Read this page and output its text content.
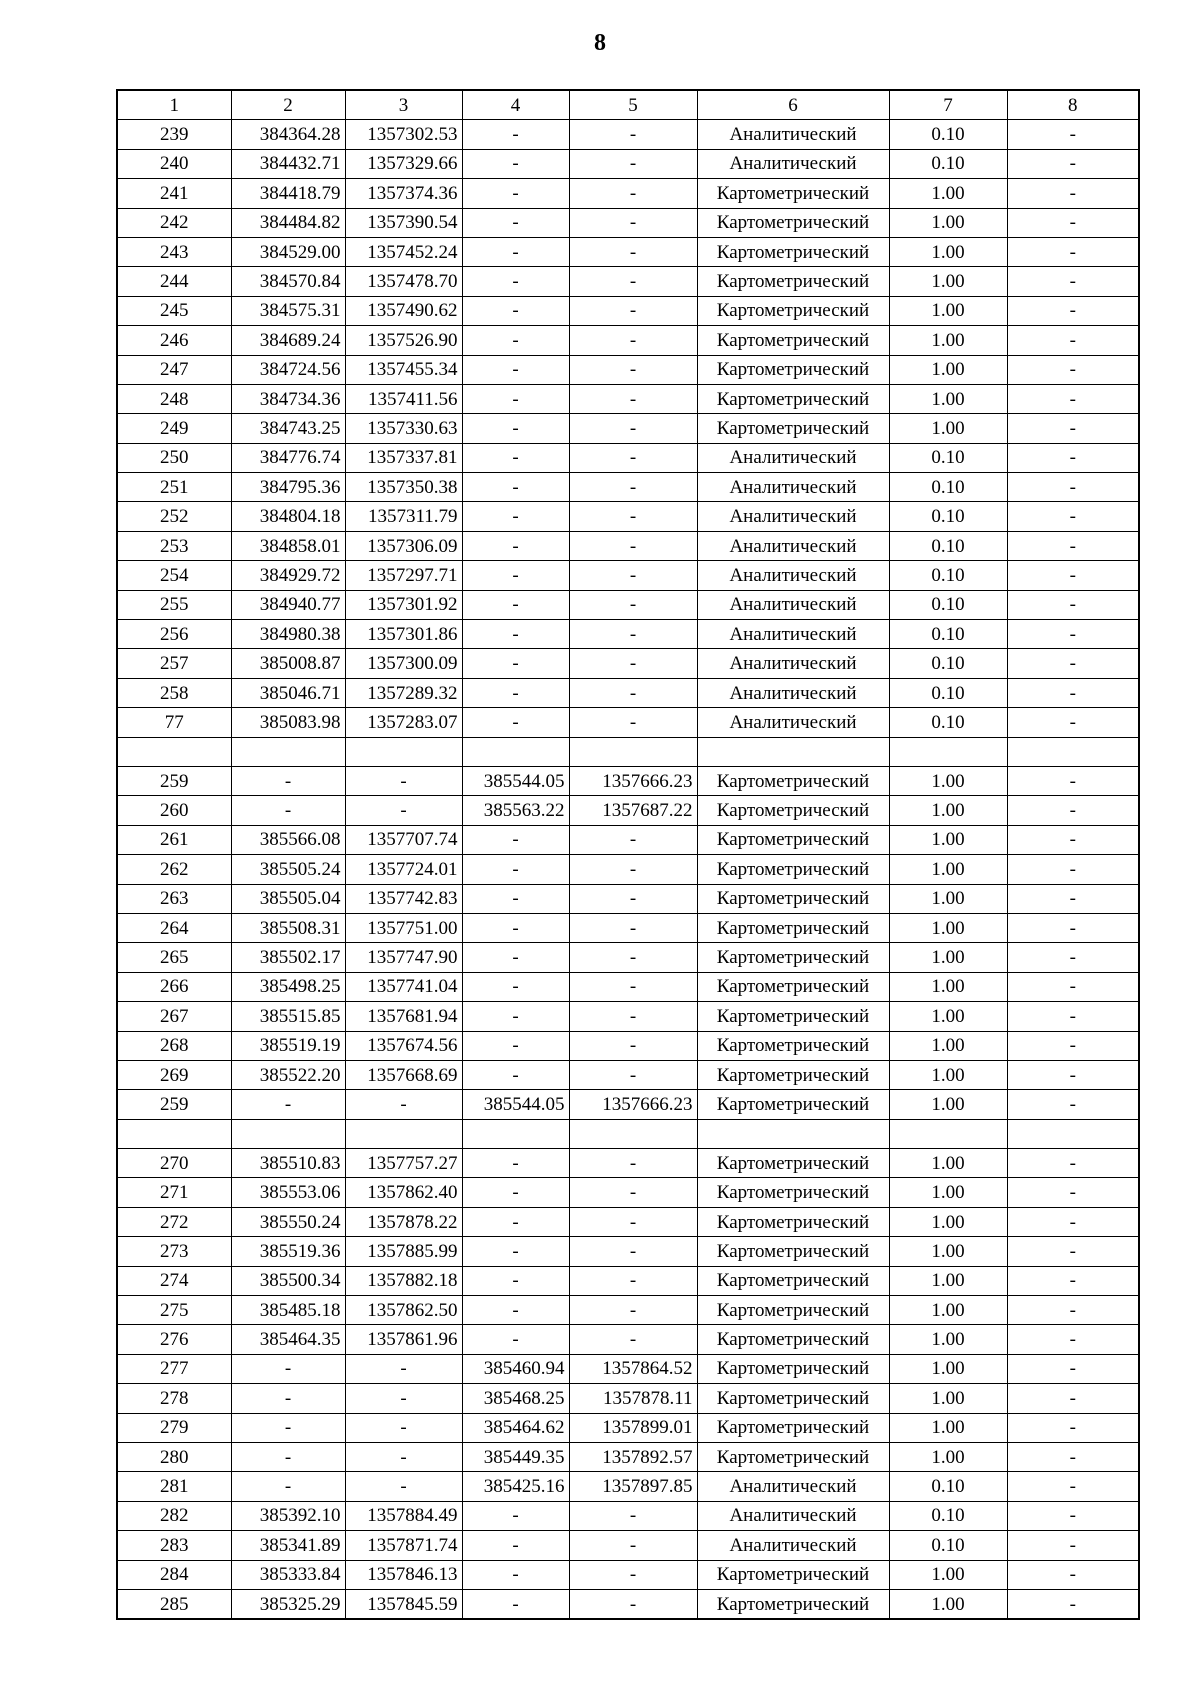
8
1	2	3	4	5	6	7	8
239	384364.28	1357302.53	-	-	Аналитический	0.10	-
240	384432.71	1357329.66	-	-	Аналитический	0.10	-
241	384418.79	1357374.36	-	-	Картометрический	1.00	-
242	384484.82	1357390.54	-	-	Картометрический	1.00	-
243	384529.00	1357452.24	-	-	Картометрический	1.00	-
244	384570.84	1357478.70	-	-	Картометрический	1.00	-
245	384575.31	1357490.62	-	-	Картометрический	1.00	-
246	384689.24	1357526.90	-	-	Картометрический	1.00	-
247	384724.56	1357455.34	-	-	Картометрический	1.00	-
248	384734.36	1357411.56	-	-	Картометрический	1.00	-
249	384743.25	1357330.63	-	-	Картометрический	1.00	-
250	384776.74	1357337.81	-	-	Аналитический	0.10	-
251	384795.36	1357350.38	-	-	Аналитический	0.10	-
252	384804.18	1357311.79	-	-	Аналитический	0.10	-
253	384858.01	1357306.09	-	-	Аналитический	0.10	-
254	384929.72	1357297.71	-	-	Аналитический	0.10	-
255	384940.77	1357301.92	-	-	Аналитический	0.10	-
256	384980.38	1357301.86	-	-	Аналитический	0.10	-
257	385008.87	1357300.09	-	-	Аналитический	0.10	-
258	385046.71	1357289.32	-	-	Аналитический	0.10	-
77	385083.98	1357283.07	-	-	Аналитический	0.10	-

259	-	-	385544.05	1357666.23	Картометрический	1.00	-
260	-	-	385563.22	1357687.22	Картометрический	1.00	-
261	385566.08	1357707.74	-	-	Картометрический	1.00	-
262	385505.24	1357724.01	-	-	Картометрический	1.00	-
263	385505.04	1357742.83	-	-	Картометрический	1.00	-
264	385508.31	1357751.00	-	-	Картометрический	1.00	-
265	385502.17	1357747.90	-	-	Картометрический	1.00	-
266	385498.25	1357741.04	-	-	Картометрический	1.00	-
267	385515.85	1357681.94	-	-	Картометрический	1.00	-
268	385519.19	1357674.56	-	-	Картометрический	1.00	-
269	385522.20	1357668.69	-	-	Картометрический	1.00	-
259	-	-	385544.05	1357666.23	Картометрический	1.00	-

270	385510.83	1357757.27	-	-	Картометрический	1.00	-
271	385553.06	1357862.40	-	-	Картометрический	1.00	-
272	385550.24	1357878.22	-	-	Картометрический	1.00	-
273	385519.36	1357885.99	-	-	Картометрический	1.00	-
274	385500.34	1357882.18	-	-	Картометрический	1.00	-
275	385485.18	1357862.50	-	-	Картометрический	1.00	-
276	385464.35	1357861.96	-	-	Картометрический	1.00	-
277	-	-	385460.94	1357864.52	Картометрический	1.00	-
278	-	-	385468.25	1357878.11	Картометрический	1.00	-
279	-	-	385464.62	1357899.01	Картометрический	1.00	-
280	-	-	385449.35	1357892.57	Картометрический	1.00	-
281	-	-	385425.16	1357897.85	Аналитический	0.10	-
282	385392.10	1357884.49	-	-	Аналитический	0.10	-
283	385341.89	1357871.74	-	-	Аналитический	0.10	-
284	385333.84	1357846.13	-	-	Картометрический	1.00	-
285	385325.29	1357845.59	-	-	Картометрический	1.00	-
